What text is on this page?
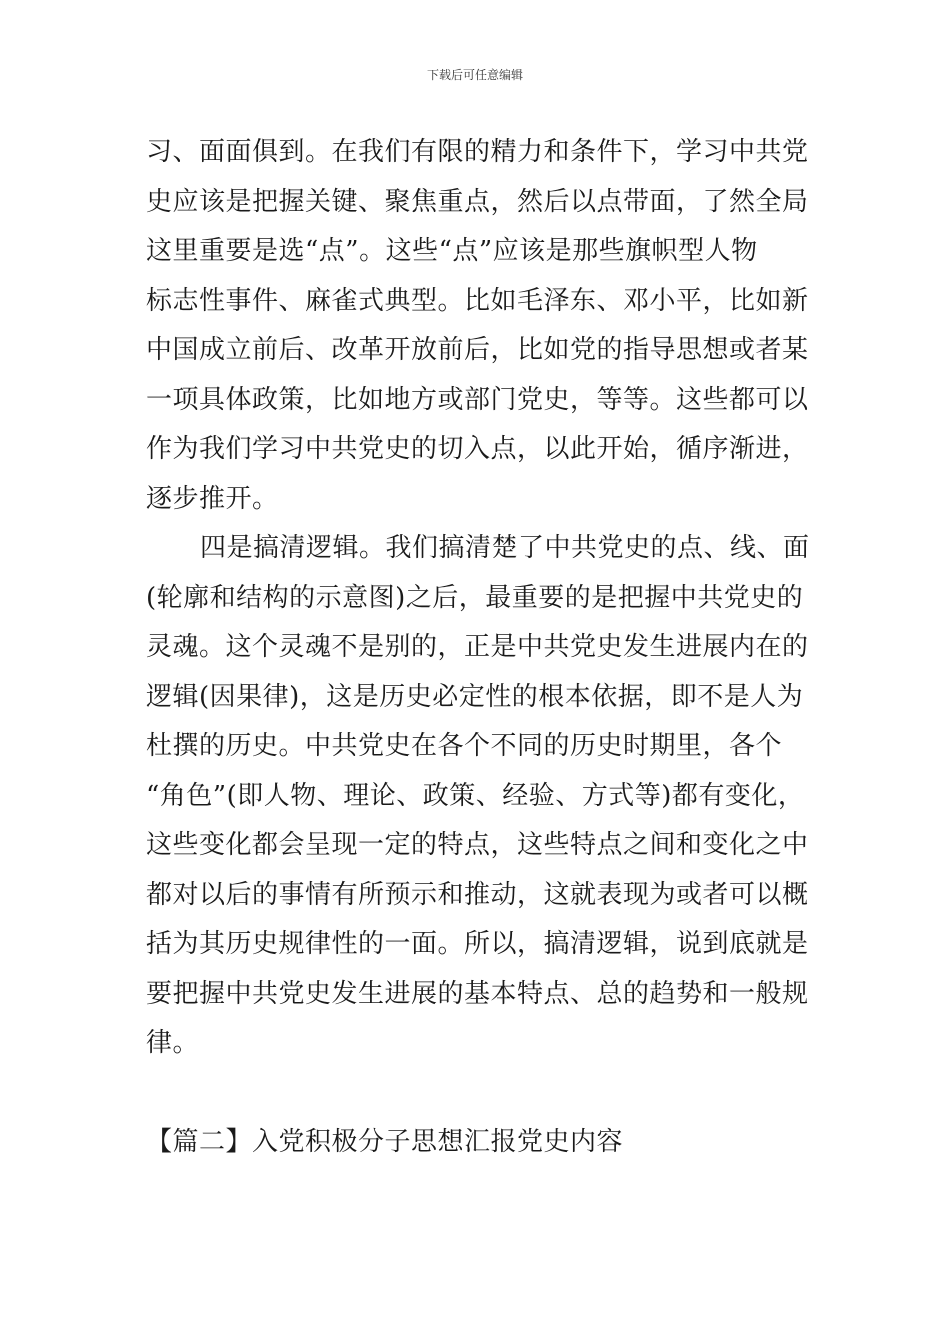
下载后可任意编辑
习、面面俱到。在我们有限的精力和条件下，学习中共党
史应该是把握关键、聚焦重点，然后以点带面，了然全局
这里重要是选“点”。这些“点”应该是那些旗帜型人物
标志性事件、麻雀式典型。比如毛泽东、邓小平，比如新
中国成立前后、改革开放前后，比如党的指导思想或者某
一项具体政策，比如地方或部门党史，等等。这些都可以
作为我们学习中共党史的切入点，以此开始，循序渐进，
逐步推开。
四是搞清逻辑。我们搞清楚了中共党史的点、线、面
(轮廓和结构的示意图)之后，最重要的是把握中共党史的
灵魂。这个灵魂不是别的，正是中共党史发生进展内在的
逻辑(因果律)，这是历史必定性的根本依据，即不是人为
杜撰的历史。中共党史在各个不同的历史时期里，各个
“角色”(即人物、理论、政策、经验、方式等)都有变化，
这些变化都会呈现一定的特点，这些特点之间和变化之中
都对以后的事情有所预示和推动，这就表现为或者可以概
括为其历史规律性的一面。所以，搞清逻辑，说到底就是
要把握中共党史发生进展的基本特点、总的趋势和一般规
律。
【篇二】入党积极分子思想汇报党史内容
